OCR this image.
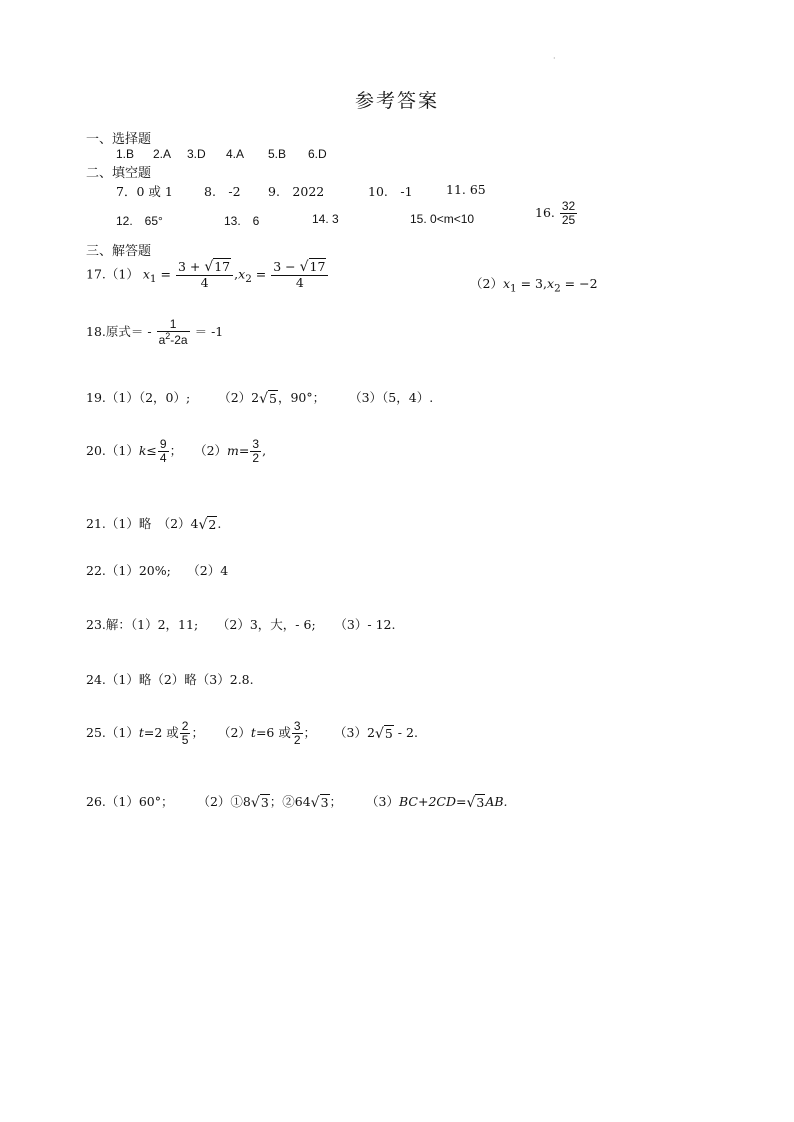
·
参考答案
一、选择题
1.B 2.A 3.D 4.A 5.B 6.D
二、填空题
7．0 或 1 8.　-2 9.　2022	10.　-1	11. 65
12.　65°	13.　6	14. 3	15. 0<m<10	16. $\frac{32}{25}$
三、解答题
17.（1） $x_1 = \frac{3 + √17}{4} ,x_2 = \frac{3 - √17}{4}$	$(2)x_1 = 3,x_2 = -2$
18.原式＝ - $\frac{1}{a^2-2a} = -1$
19.（1）（2，0）; （2）2√5，90°； （3）（5，4）.
$20.(1)k\le \frac{9}{4}$ ； $(2)m= \frac{3}{2}$ ,
21.（1）略　（2）4√2.
22.（1）20%;　 （2）4
23.解：（1）2，11;　　（2）3，大，- 6;　　（3）- 12.
24.（1）略（2）略（3）2.8.
25.（1）t=2 或 $\frac{2}{5}$ ； （2）t=6 或 $\frac{3}{2}$ ； （3）2√5 - 2.
26.（1）60°； （2）①8√3；②64√3； （3）BC+2CD=√3AB.
